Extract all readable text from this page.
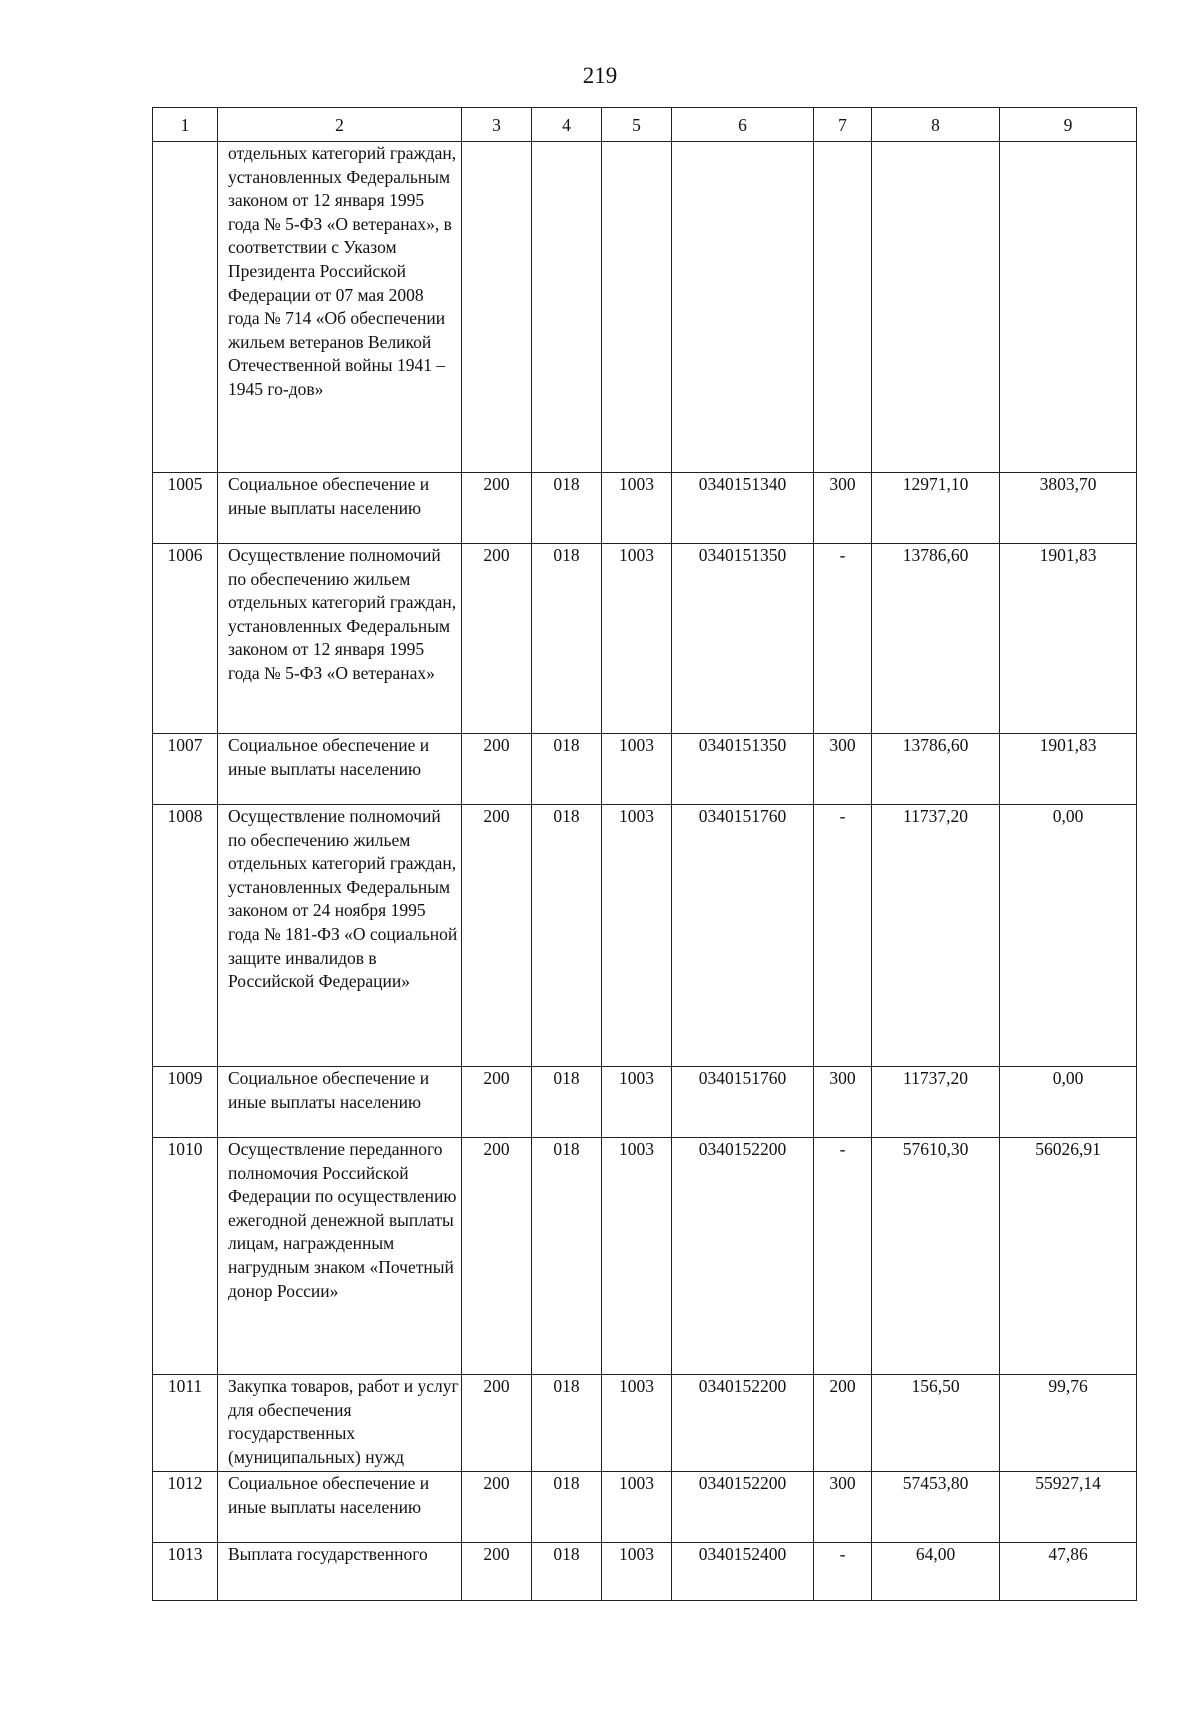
219
1	2	3	4	5	6	7	8	9
	отдельных категорий граждан, установленных Федеральным законом от 12 января 1995 года № 5-ФЗ «О ветеранах», в соответствии с Указом Президента Российской Федерации от 07 мая 2008 года № 714 «Об обеспечении жильем ветеранов Великой Отечественной войны 1941 – 1945 го-дов»							
1005	Социальное обеспечение и иные выплаты населению	200	018	1003	0340151340	300	12971,10	3803,70
1006	Осуществление полномочий по обеспечению жильем отдельных категорий граждан, установленных Федеральным законом от 12 января 1995 года № 5-ФЗ «О ветеранах»	200	018	1003	0340151350	-	13786,60	1901,83
1007	Социальное обеспечение и иные выплаты населению	200	018	1003	0340151350	300	13786,60	1901,83
1008	Осуществление полномочий по обеспечению жильем отдельных категорий граждан, установленных Федеральным законом от 24 ноября 1995 года № 181-ФЗ «О социальной защите инвалидов в Российской Федерации»	200	018	1003	0340151760	-	11737,20	0,00
1009	Социальное обеспечение и иные выплаты населению	200	018	1003	0340151760	300	11737,20	0,00
1010	Осуществление переданного полномочия Российской Федерации по осуществлению ежегодной денежной выплаты лицам, награжденным нагрудным знаком «Почетный донор России»	200	018	1003	0340152200	-	57610,30	56026,91
1011	Закупка товаров, работ и услуг для обеспечения государственных (муниципальных) нужд	200	018	1003	0340152200	200	156,50	99,76
1012	Социальное обеспечение и иные выплаты населению	200	018	1003	0340152200	300	57453,80	55927,14
1013	Выплата государственного	200	018	1003	0340152400	-	64,00	47,86
